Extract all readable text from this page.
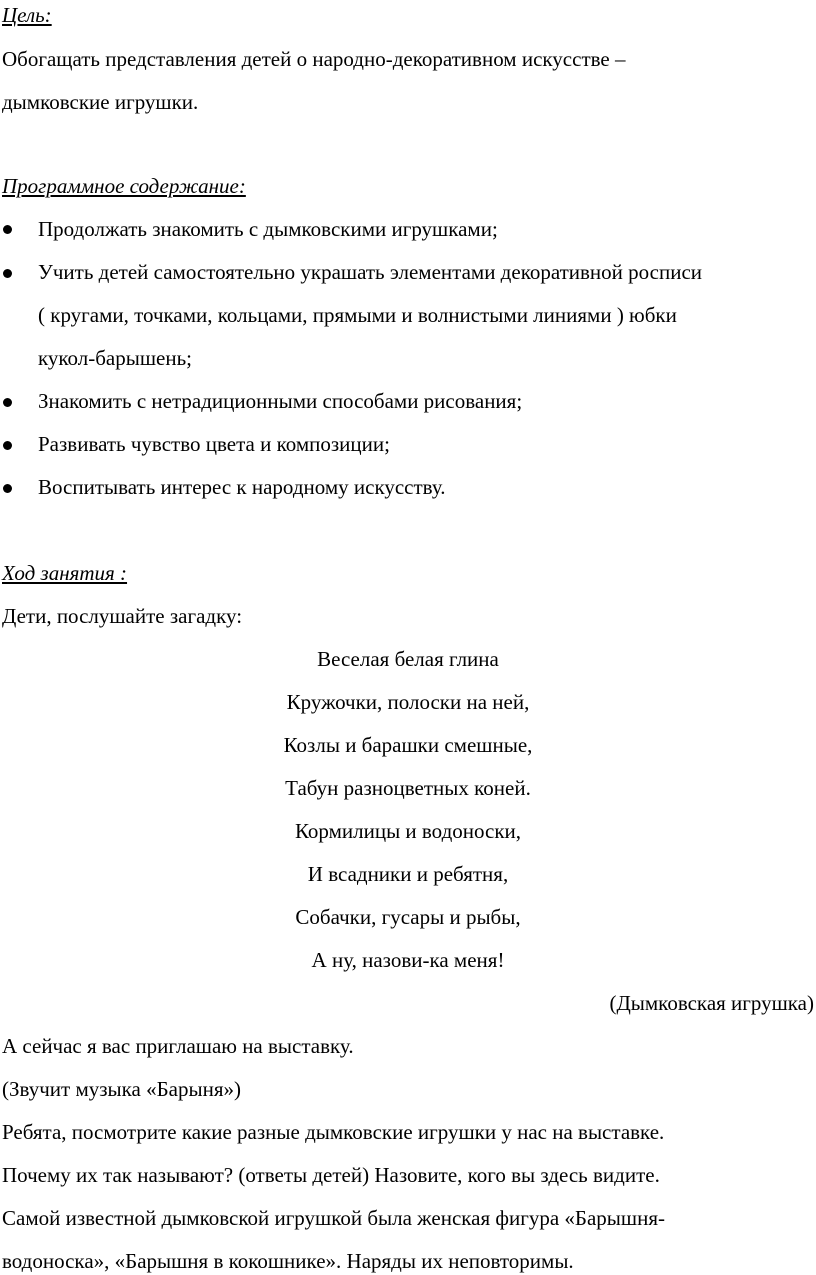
Цель:
Обогащать представления детей о народно-декоративном искусстве –
дымковские игрушки.
Программное содержание:
Продолжать знакомить с дымковскими игрушками;
Учить детей самостоятельно украшать элементами декоративной росписи
( кругами, точками, кольцами, прямыми и волнистыми линиями ) юбки
кукол-барышень;
Знакомить с нетрадиционными способами рисования;
Развивать чувство цвета и композиции;
Воспитывать интерес к народному искусству.
Ход занятия :
Дети, послушайте загадку:
Веселая белая глина
Кружочки, полоски на ней,
Козлы и барашки смешные,
Табун разноцветных коней.
Кормилицы и водоноски,
И всадники и ребятня,
Собачки, гусары и рыбы,
А ну, назови-ка меня!
(Дымковская игрушка)
А сейчас я вас приглашаю на выставку.
(Звучит музыка «Барыня»)
Ребята, посмотрите какие разные дымковские игрушки у нас на выставке.
Почему их так называют? (ответы детей) Назовите, кого вы здесь видите.
Самой известной дымковской игрушкой была женская фигура «Барышня-
водоноска», «Барышня в кокошнике». Наряды их неповторимы.
